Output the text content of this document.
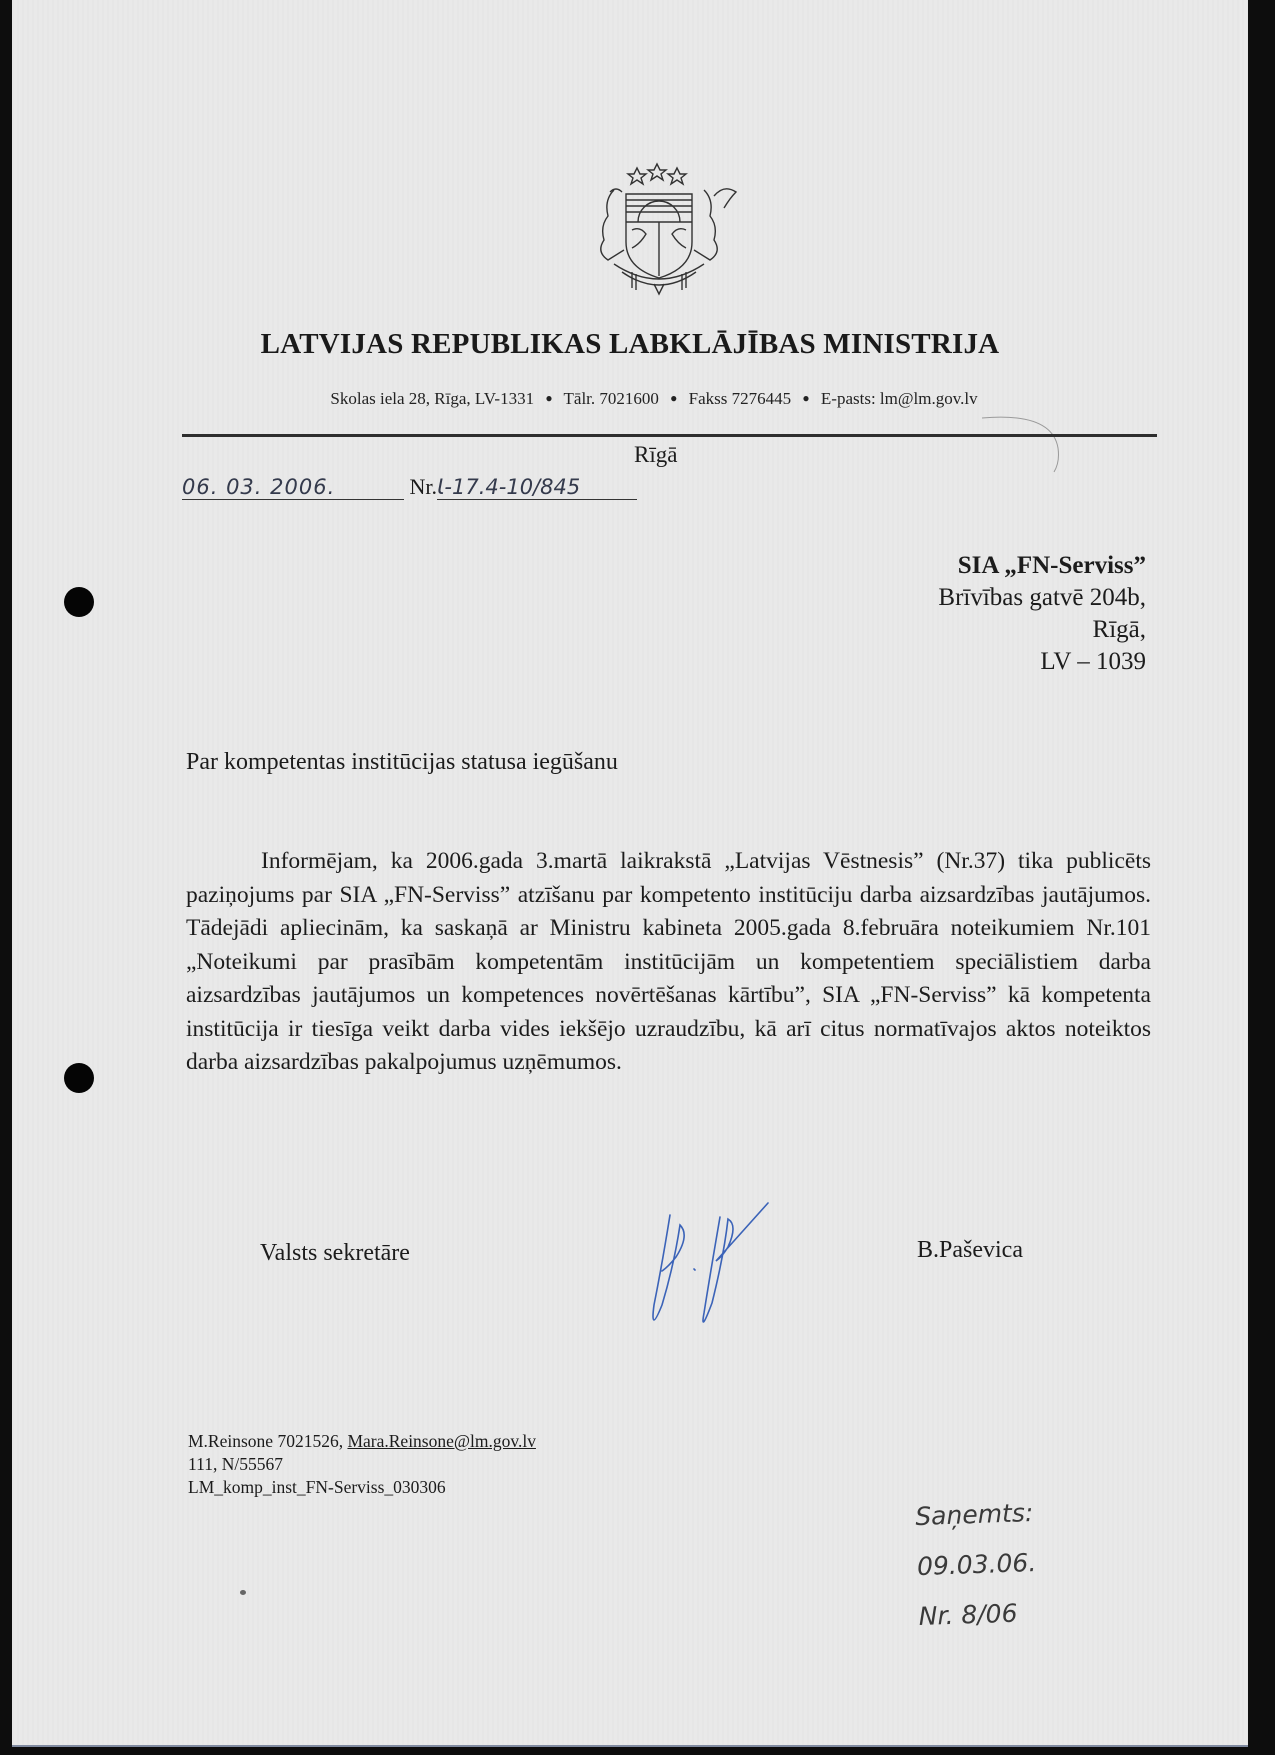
LATVIJAS REPUBLIKAS LABKLĀJĪBAS MINISTRIJA
Skolas iela 28, Rīga, LV-1331 ● Tālr. 7021600 ● Fakss 7276445 ● E-pasts: lm@lm.gov.lv
Rīgā
06. 03. 2006.	Nr.Ɩ-17.4-10/845
SIA „FN-Serviss”
Brīvības gatvē 204b,
Rīgā,
LV – 1039
Par kompetentas institūcijas statusa iegūšanu
Informējam, ka 2006.gada 3.martā laikrakstā „Latvijas Vēstnesis” (Nr.37) tika publicēts paziņojums par SIA „FN-Serviss” atzīšanu par kompetento institūciju darba aizsardzības jautājumos. Tādejādi apliecinām, ka saskaņā ar Ministru kabineta 2005.gada 8.februāra noteikumiem Nr.101 „Noteikumi par prasībām kompetentām institūcijām un kompetentiem speciālistiem darba aizsardzības jautājumos un kompetences novērtēšanas kārtību”, SIA „FN-Serviss” kā kompetenta institūcija ir tiesīga veikt darba vides iekšējo uzraudzību, kā arī citus normatīvajos aktos noteiktos darba aizsardzības pakalpojumus uzņēmumos.
Valsts sekretāre	B.Paševica
M.Reinsone 7021526, Mara.Reinsone@lm.gov.lv
111, N/55567
LM_komp_inst_FN-Serviss_030306
Saņemts:
09.03.06.
Nr. 8/06
